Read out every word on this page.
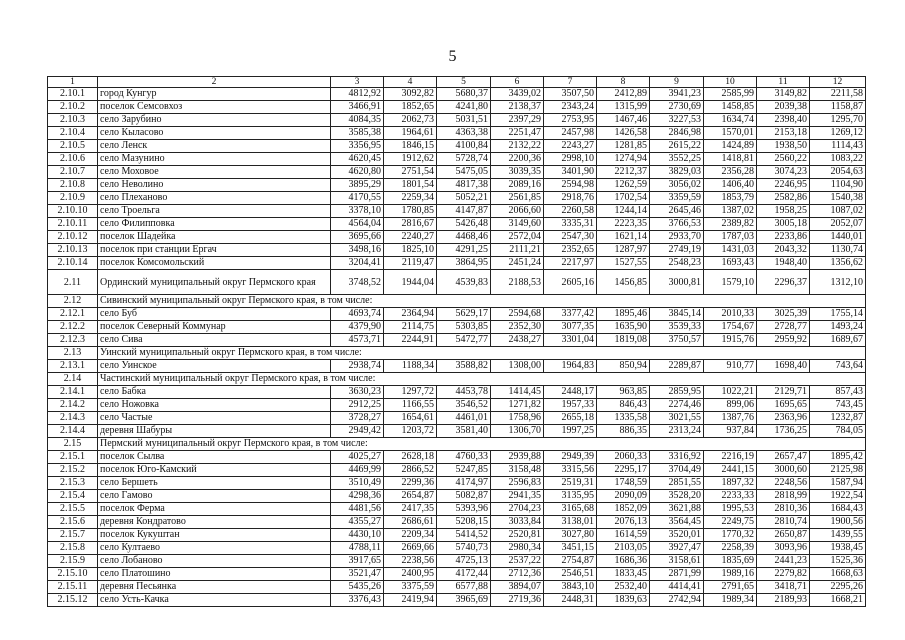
5
1	2	3	4	5	6	7	8	9	10	11	12
2.10.1	город Кунгур	4812,92	3092,82	5680,37	3439,02	3507,50	2412,89	3941,23	2585,99	3149,82	2211,58
2.10.2	поселок Семсовхоз	3466,91	1852,65	4241,80	2138,37	2343,24	1315,99	2730,69	1458,85	2039,38	1158,87
2.10.3	село Зарубино	4084,35	2062,73	5031,51	2397,29	2753,95	1467,46	3227,53	1634,74	2398,40	1295,70
2.10.4	село Кыласово	3585,38	1964,61	4363,38	2251,47	2457,98	1426,58	2846,98	1570,01	2153,18	1269,12
2.10.5	село Ленск	3356,95	1846,15	4100,84	2132,22	2243,27	1281,85	2615,22	1424,89	1938,50	1114,43
2.10.6	село Мазунино	4620,45	1912,62	5728,74	2200,36	2998,10	1274,94	3552,25	1418,81	2560,22	1083,22
2.10.7	село Моховое	4620,80	2751,54	5475,05	3039,35	3401,90	2212,37	3829,03	2356,28	3074,23	2054,63
2.10.8	село Неволино	3895,29	1801,54	4817,38	2089,16	2594,98	1262,59	3056,02	1406,40	2246,95	1104,90
2.10.9	село Плеханово	4170,55	2259,34	5052,21	2561,85	2918,76	1702,54	3359,59	1853,79	2582,86	1540,38
2.10.10	село Троельга	3378,10	1780,85	4147,87	2066,60	2260,58	1244,14	2645,46	1387,02	1958,25	1087,02
2.10.11	село Филипповка	4564,04	2816,67	5426,48	3149,60	3335,31	2223,35	3766,53	2389,82	3005,18	2052,07
2.10.12	поселок Шадейка	3695,66	2240,27	4468,46	2572,04	2547,30	1621,14	2933,70	1787,03	2233,86	1440,01
2.10.13	поселок при станции Ергач	3498,16	1825,10	4291,25	2111,21	2352,65	1287,97	2749,19	1431,03	2043,32	1130,74
2.10.14	поселок Комсомольский	3204,41	2119,47	3864,95	2451,24	2217,97	1527,55	2548,23	1693,43	1948,40	1356,62
2.11	Ординский муниципальный округ Пермского края	3748,52	1944,04	4539,83	2188,53	2605,16	1456,85	3000,81	1579,10	2296,37	1312,10
2.12	Сивинский муниципальный округ Пермского края, в том числе:										
2.12.1	село Буб	4693,74	2364,94	5629,17	2594,68	3377,42	1895,46	3845,14	2010,33	3025,39	1755,14
2.12.2	поселок Северный Коммунар	4379,90	2114,75	5303,85	2352,30	3077,35	1635,90	3539,33	1754,67	2728,77	1493,24
2.12.3	село Сива	4573,71	2244,91	5472,77	2438,27	3301,04	1819,08	3750,57	1915,76	2959,92	1689,67
2.13	Уинский муниципальный округ Пермского края, в том числе:										
2.13.1	село Уинское	2938,74	1188,34	3588,82	1308,00	1964,83	850,94	2289,87	910,77	1698,40	743,64
2.14	Частинский муниципальный округ Пермского края, в том числе:										
2.14.1	село Бабка	3630,23	1297,72	4453,78	1414,45	2448,17	963,85	2859,95	1022,21	2129,71	857,43
2.14.2	село Ножовка	2912,25	1166,55	3546,52	1271,82	1957,33	846,43	2274,46	899,06	1695,65	743,45
2.14.3	село Частые	3728,27	1654,61	4461,01	1758,96	2655,18	1335,58	3021,55	1387,76	2363,96	1232,87
2.14.4	деревня Шабуры	2949,42	1203,72	3581,40	1306,70	1997,25	886,35	2313,24	937,84	1736,25	784,05
2.15	Пермский муниципальный округ Пермского края, в том числе:										
2.15.1	поселок Сылва	4025,27	2628,18	4760,33	2939,88	2949,39	2060,33	3316,92	2216,19	2657,47	1895,42
2.15.2	поселок Юго-Камский	4469,99	2866,52	5247,85	3158,48	3315,56	2295,17	3704,49	2441,15	3000,60	2125,98
2.15.3	село Бершеть	3510,49	2299,36	4174,97	2596,83	2519,31	1748,59	2851,55	1897,32	2248,56	1587,94
2.15.4	село Гамово	4298,36	2654,87	5082,87	2941,35	3135,95	2090,09	3528,20	2233,33	2818,99	1922,54
2.15.5	поселок Ферма	4481,56	2417,35	5393,96	2704,23	3165,68	1852,09	3621,88	1995,53	2810,36	1684,43
2.15.6	деревня Кондратово	4355,27	2686,61	5208,15	3033,84	3138,01	2076,13	3564,45	2249,75	2810,74	1900,56
2.15.7	поселок Кукуштан	4430,10	2209,34	5414,52	2520,81	3027,80	1614,59	3520,01	1770,32	2650,87	1439,55
2.15.8	село Култаево	4788,11	2669,66	5740,73	2980,34	3451,15	2103,05	3927,47	2258,39	3093,96	1938,45
2.15.9	село Лобаново	3917,65	2238,56	4725,13	2537,22	2754,87	1686,36	3158,61	1835,69	2441,23	1525,36
2.15.10	село Платошино	3521,47	2400,95	4172,44	2712,36	2546,51	1833,45	2871,99	1989,16	2279,82	1668,63
2.15.11	деревня Песьянка	5435,26	3375,59	6577,88	3894,07	3843,10	2532,40	4414,41	2791,65	3418,71	2295,26
2.15.12	село Усть-Качка	3376,43	2419,94	3965,69	2719,36	2448,31	1839,63	2742,94	1989,34	2189,93	1668,21
